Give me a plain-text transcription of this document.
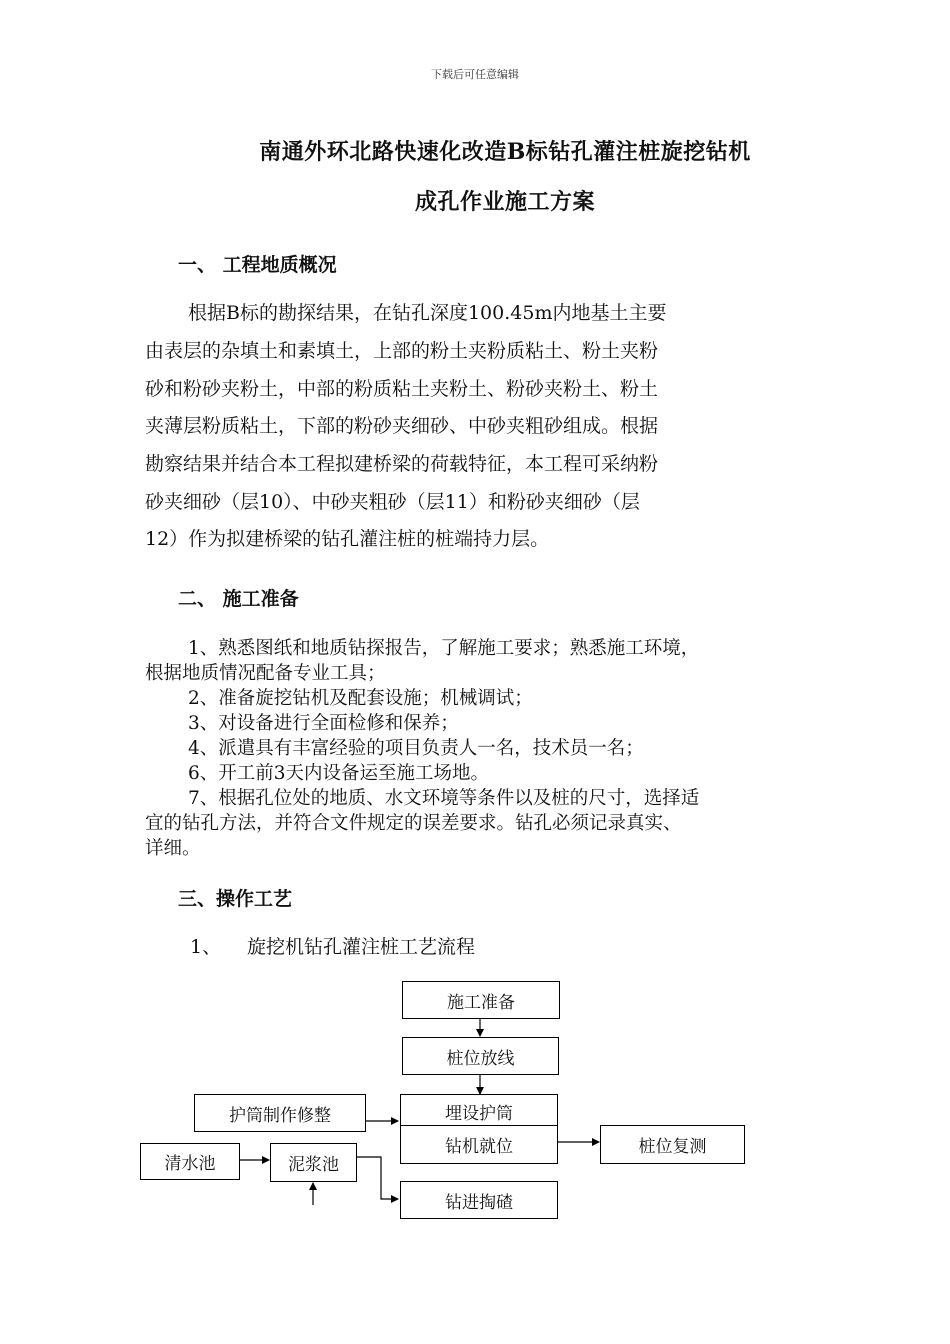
下载后可任意编辑
南通外环北路快速化改造B标钻孔灌注桩旋挖钻机
成孔作业施工方案
一、 工程地质概况
根据B标的勘探结果，在钻孔深度100.45m内地基土主要
由表层的杂填土和素填土，上部的粉土夹粉质粘土、粉土夹粉
砂和粉砂夹粉土，中部的粉质粘土夹粉土、粉砂夹粉土、粉土
夹薄层粉质粘土，下部的粉砂夹细砂、中砂夹粗砂组成。根据
勘察结果并结合本工程拟建桥梁的荷载特征，本工程可采纳粉
砂夹细砂（层10）、中砂夹粗砂（层11）和粉砂夹细砂（层
12）作为拟建桥梁的钻孔灌注桩的桩端持力层。
二、 施工准备
1、熟悉图纸和地质钻探报告，了解施工要求；熟悉施工环境，
根据地质情况配备专业工具；
2、准备旋挖钻机及配套设施；机械调试；
3、对设备进行全面检修和保养；
4、派遣具有丰富经验的项目负责人一名，技术员一名；
6、开工前3天内设备运至施工场地。
7、根据孔位处的地质、水文环境等条件以及桩的尺寸，选择适
宜的钻孔方法，并符合文件规定的误差要求。钻孔必须记录真实、
详细。
三、操作工艺
1、 旋挖机钻孔灌注桩工艺流程
施工准备
桩位放线
护筒制作修整	埋设护筒
钻机就位	桩位复测
清水池	泥浆池
钻进掏碴
